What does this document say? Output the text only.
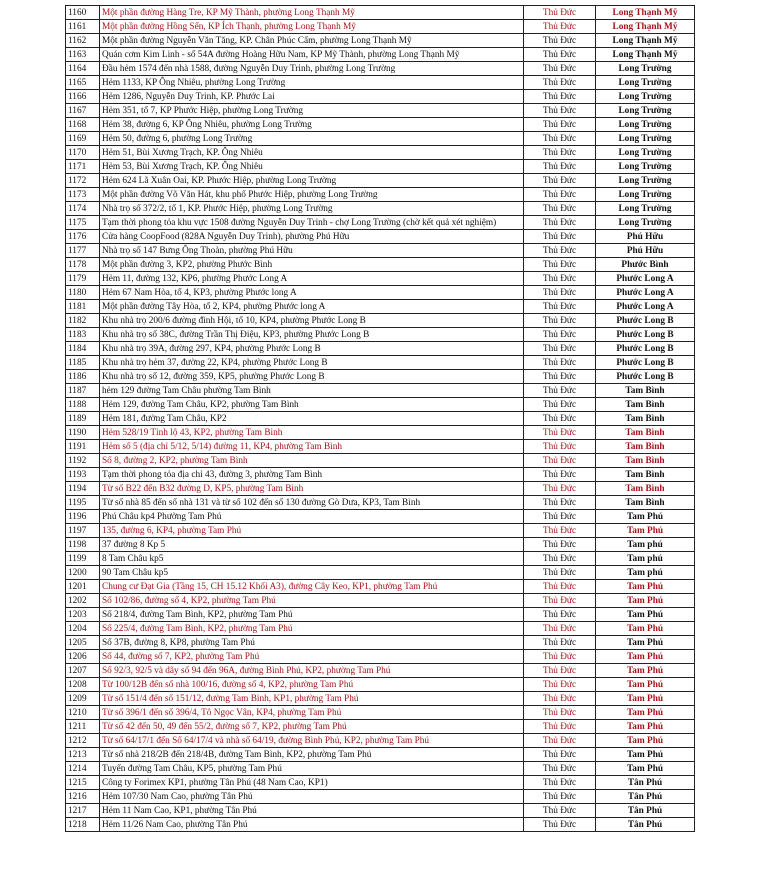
1160	Một phần đường Hàng Tre, KP Mỹ Thành, phường Long Thạnh Mỹ	Thủ Đức	Long Thạnh Mỹ
1161	Một phần đường Hồng Sến, KP Ích Thạnh, phường Long Thạnh Mỹ	Thủ Đức	Long Thạnh Mỹ
1162	Một phần đường Nguyễn Văn Tăng, KP. Chân Phúc Cẩm, phường Long Thạnh Mỹ	Thủ Đức	Long Thạnh Mỹ
1163	Quán cơm Kim Linh - số 54A đường Hoàng Hữu Nam, KP Mỹ Thành, phường Long Thạnh Mỹ	Thủ Đức	Long Thạnh Mỹ
1164	Đầu hẻm 1574 đến nhà 1588, đường Nguyễn Duy Trinh, phường Long Trường	Thủ Đức	Long Trường
1165	Hẻm 1133, KP Ông Nhiêu, phường Long Trường	Thủ Đức	Long Trường
1166	Hẻm 1286, Nguyễn Duy Trinh, KP. Phước Lai	Thủ Đức	Long Trường
1167	Hẻm 351, tổ 7, KP Phước Hiệp, phường Long Trường	Thủ Đức	Long Trường
1168	Hẻm 38, đường 6, KP Ông Nhiêu, phường Long Trường	Thủ Đức	Long Trường
1169	Hẻm 50, đường 6, phường Long Trường	Thủ Đức	Long Trường
1170	Hẻm 51, Bùi Xương Trạch, KP. Ông Nhiêu	Thủ Đức	Long Trường
1171	Hẻm 53, Bùi Xương Trạch, KP. Ông Nhiêu	Thủ Đức	Long Trường
1172	Hẻm 624 Lã Xuân Oai, KP. Phước Hiệp, phường Long Trường	Thủ Đức	Long Trường
1173	Một phần đường Võ Văn Hát, khu phố Phước Hiệp, phường Long Trường	Thủ Đức	Long Trường
1174	Nhà trọ số 372/2, tổ 1, KP. Phước Hiệp, phường Long Trường	Thủ Đức	Long Trường
1175	Tạm thời phong tỏa khu vực 1508 đường Nguyễn Duy Trinh - chợ Long Trường (chờ kết quả xét nghiệm)	Thủ Đức	Long Trường
1176	Cửa hàng CoopFood (828A Nguyễn Duy Trinh), phường Phú Hữu	Thủ Đức	Phú Hữu
1177	Nhà trọ số 147 Bưng Ông Thoàn, phường Phú Hữu	Thủ Đức	Phú Hữu
1178	Một phần đường 3, KP2, phường Phước Bình	Thủ Đức	Phước Bình
1179	Hẻm 11, đường 132, KP6, phường Phước Long A	Thủ Đức	Phước Long A
1180	Hẻm 67 Nam Hòa, tổ 4, KP3, phường Phước long A	Thủ Đức	Phước Long A
1181	Một phần đường Tây Hòa, tổ 2, KP4, phường Phước long A	Thủ Đức	Phước Long A
1182	Khu nhà trọ 200/6 đường đình Hội, tổ 10, KP4, phường Phước Long B	Thủ Đức	Phước Long B
1183	Khu nhà trọ số 38C, đường Trần Thị Điệu, KP3, phường Phước Long B	Thủ Đức	Phước Long B
1184	Khu nhà trọ 39A, đường 297, KP4, phường Phước Long B	Thủ Đức	Phước Long B
1185	Khu nhà trọ hẻm 37, đường 22, KP4, phường Phước Long B	Thủ Đức	Phước Long B
1186	Khu nhà trọ số 12, đường 359, KP5, phường Phước Long B	Thủ Đức	Phước Long B
1187	hẻm 129 đường Tam Châu phường Tam Bình	Thủ Đức	Tam Bình
1188	Hẻm 129, đường Tam Châu, KP2, phường Tam Bình	Thủ Đức	Tam Bình
1189	Hẻm 181, đường Tam Châu, KP2	Thủ Đức	Tam Bình
1190	Hẻm 528/19 Tỉnh lộ 43, KP2, phường Tam Bình	Thủ Đức	Tam Bình
1191	Hẻm số 5 (địa chỉ 5/12, 5/14) đường 11, KP4, phường Tam Bình	Thủ Đức	Tam Bình
1192	Số 8, đường 2, KP2, phường Tam Bình	Thủ Đức	Tam Bình
1193	Tạm thời phong tỏa địa chỉ 43, đường 3, phường Tam Bình	Thủ Đức	Tam Bình
1194	Từ số B22 đến B32 đường D, KP5, phường Tam Bình	Thủ Đức	Tam Bình
1195	Từ số nhà 85 đến số nhà 131 và từ số 102 đến số 130 đường Gò Dưa, KP3, Tam Bình	Thủ Đức	Tam Bình
1196	Phú Châu kp4 Phường Tam Phú	Thủ Đức	Tam Phú
1197	135, đường 6, KP4, phường Tam Phú	Thủ Đức	Tam Phú
1198	37 đường 8 Kp 5	Thủ Đức	Tam phú
1199	8 Tam Châu kp5	Thủ Đức	Tam phú
1200	90 Tam Châu kp5	Thủ Đức	Tam phú
1201	Chung cư Đạt Gia (Tầng 15, CH 15.12 Khối A3), đường Cây Keo, KP1, phường Tam Phú	Thủ Đức	Tam Phú
1202	Số 102/86, đường số 4, KP2, phường Tam Phú	Thủ Đức	Tam Phú
1203	Số 218/4, đường Tam Bình, KP2, phường Tam Phú	Thủ Đức	Tam Phú
1204	Số 225/4, đường Tam Bình, KP2, phường Tam Phú	Thủ Đức	Tam Phú
1205	Số 37B, đường 8, KP8, phường Tam Phú	Thủ Đức	Tam Phú
1206	Số 44, đường số 7, KP2, phường Tam Phú	Thủ Đức	Tam Phú
1207	Số 92/3, 92/5 và dãy số 94 đến 96A, đường Bình Phú, KP2, phường Tam Phú	Thủ Đức	Tam Phú
1208	Từ 100/12B đến số nhà 100/16, đường số 4, KP2, phường Tam Phú	Thủ Đức	Tam Phú
1209	Từ số 151/4 đến số 151/12, đường Tam Bình, KP1, phường Tam Phú	Thủ Đức	Tam Phú
1210	Từ số 396/1 đến số 396/4, Tô Ngọc Vân, KP4, phường Tam Phú	Thủ Đức	Tam Phú
1211	Từ số 42 đến 50, 49 đến 55/2, đường số 7, KP2, phường Tam Phú	Thủ Đức	Tam Phú
1212	Từ số 64/17/1 đến Số 64/17/4 và nhà số 64/19, đường Bình Phú, KP2, phường Tam Phú	Thủ Đức	Tam Phú
1213	Từ số nhà 218/2B đến 218/4B, đường Tam Bình, KP2, phường Tam Phú	Thủ Đức	Tam Phú
1214	Tuyến đường Tam Châu, KP5, phường Tam Phú	Thủ Đức	Tam Phú
1215	Công ty Forimex KP1, phường Tân Phú (48 Nam Cao, KP1)	Thủ Đức	Tân Phú
1216	Hẻm 107/30 Nam Cao, phường Tân Phú	Thủ Đức	Tân Phú
1217	Hẻm 11 Nam Cao, KP1, phường Tân Phú	Thủ Đức	Tân Phú
1218	Hẻm 11/26 Nam Cao, phường Tân Phú	Thủ Đức	Tân Phú
